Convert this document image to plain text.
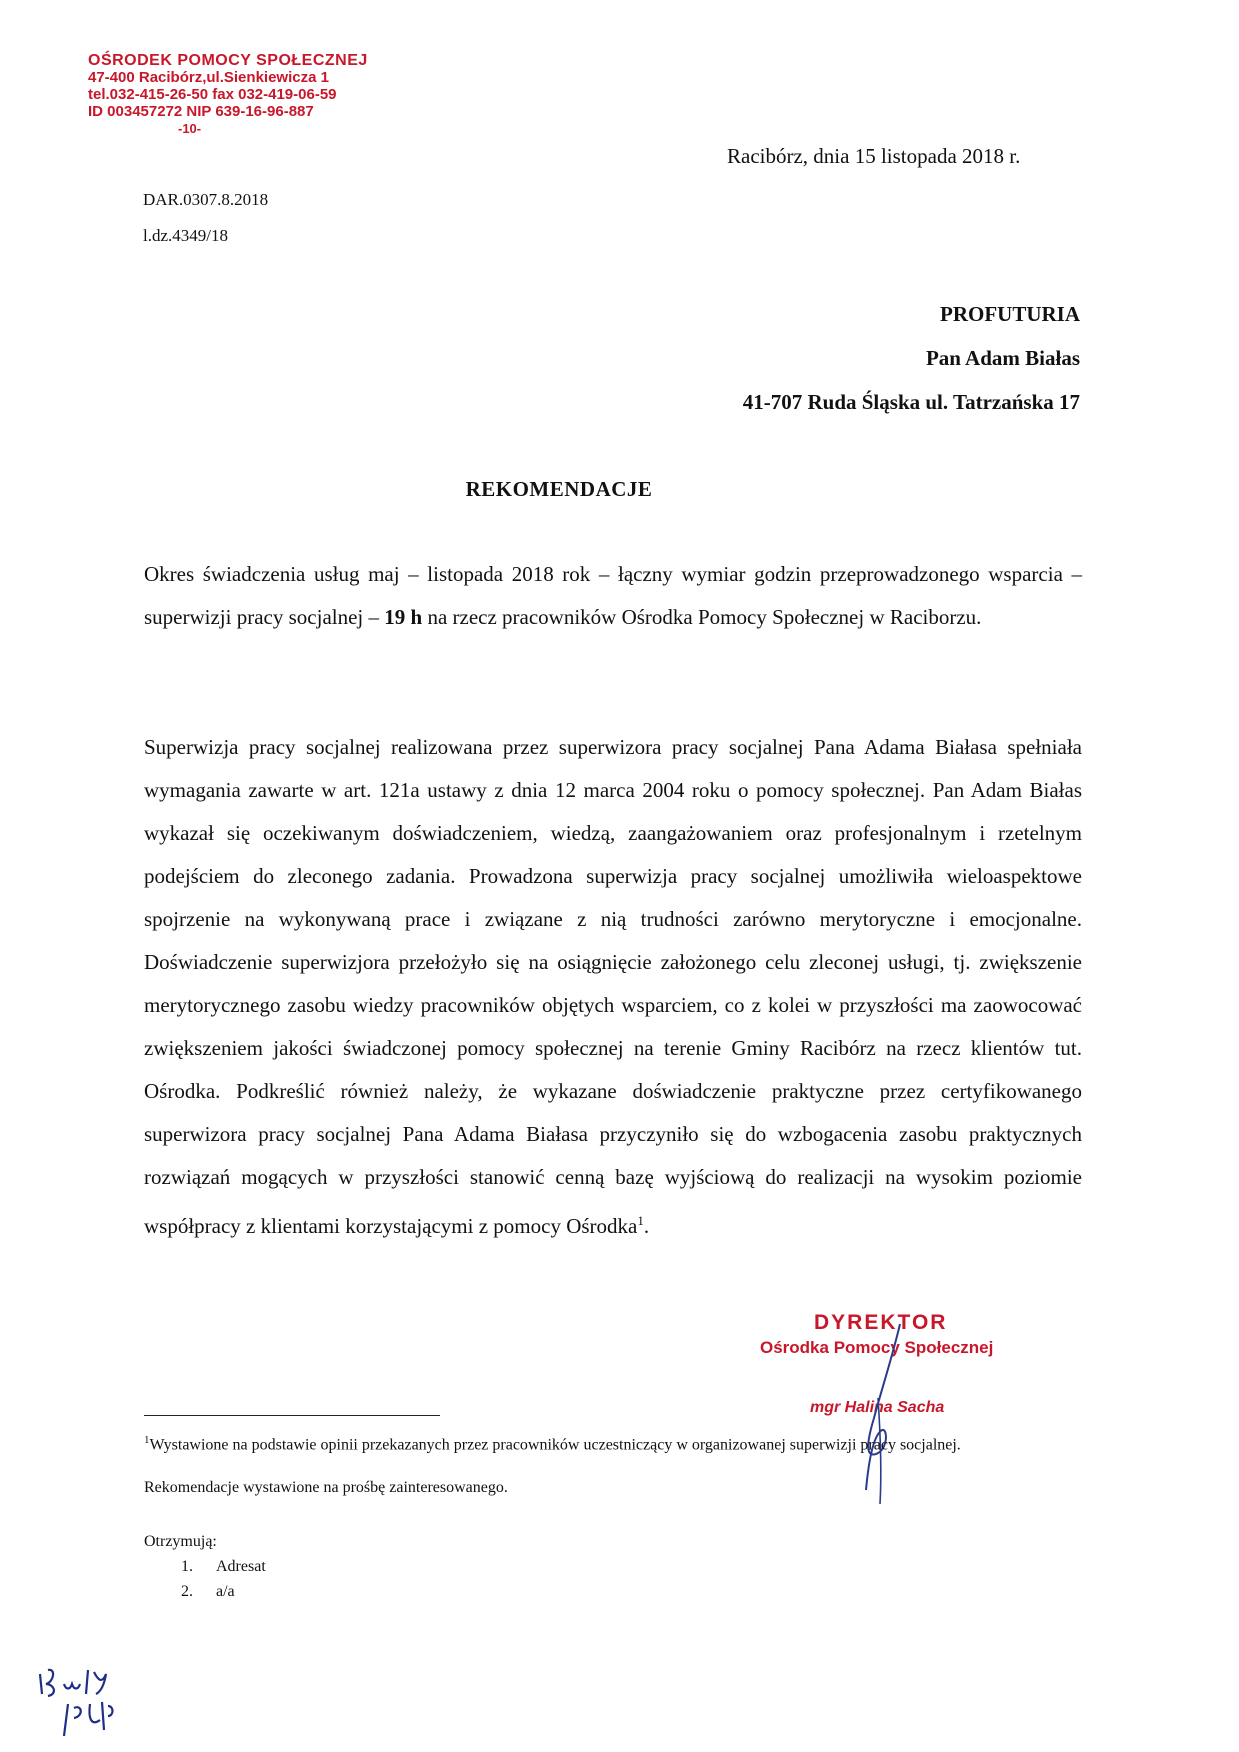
OŚRODEK POMOCY SPOŁECZNEJ
47-400 Racibórz,ul.Sienkiewicza 1
tel.032-415-26-50 fax 032-419-06-59
ID 003457272 NIP 639-16-96-887
-10-
Racibórz, dnia 15 listopada 2018 r.
DAR.0307.8.2018
l.dz.4349/18
PROFUTURIA
Pan Adam Białas
41-707 Ruda Śląska ul. Tatrzańska 17
REKOMENDACJE
Okres świadczenia usług maj – listopada 2018 rok – łączny wymiar godzin przeprowadzonego wsparcia – superwizji pracy socjalnej – 19 h na rzecz pracowników Ośrodka Pomocy Społecznej w Raciborzu.
Superwizja pracy socjalnej realizowana przez superwizora pracy socjalnej Pana Adama Białasa spełniała wymagania zawarte w art. 121a ustawy z dnia 12 marca 2004 roku o pomocy społecznej. Pan Adam Białas wykazał się oczekiwanym doświadczeniem, wiedzą, zaangażowaniem oraz profesjonalnym i rzetelnym podejściem do zleconego zadania. Prowadzona superwizja pracy socjalnej umożliwiła wieloaspektowe spojrzenie na wykonywaną prace i związane z nią trudności zarówno merytoryczne i emocjonalne. Doświadczenie superwizjora przełożyło się na osiągnięcie założonego celu zleconej usługi, tj. zwiększenie merytorycznego zasobu wiedzy pracowników objętych wsparciem, co z kolei w przyszłości ma zaowocować zwiększeniem jakości świadczonej pomocy społecznej na terenie Gminy Racibórz na rzecz klientów tut. Ośrodka. Podkreślić również należy, że wykazane doświadczenie praktyczne przez certyfikowanego superwizora pracy socjalnej Pana Adama Białasa przyczyniło się do wzbogacenia zasobu praktycznych rozwiązań mogących w przyszłości stanowić cenną bazę wyjściową do realizacji na wysokim poziomie współpracy z klientami korzystającymi z pomocy Ośrodka$^1$.
DYREKTOR
Ośrodka Pomocy Społecznej
mgr Halina Sacha
$^1$Wystawione na podstawie opinii przekazanych przez pracowników uczestniczący w organizowanej superwizji pracy socjalnej.
Rekomendacje wystawione na prośbę zainteresowanego.
Otrzymują:
1. Adresat
2. a/a
